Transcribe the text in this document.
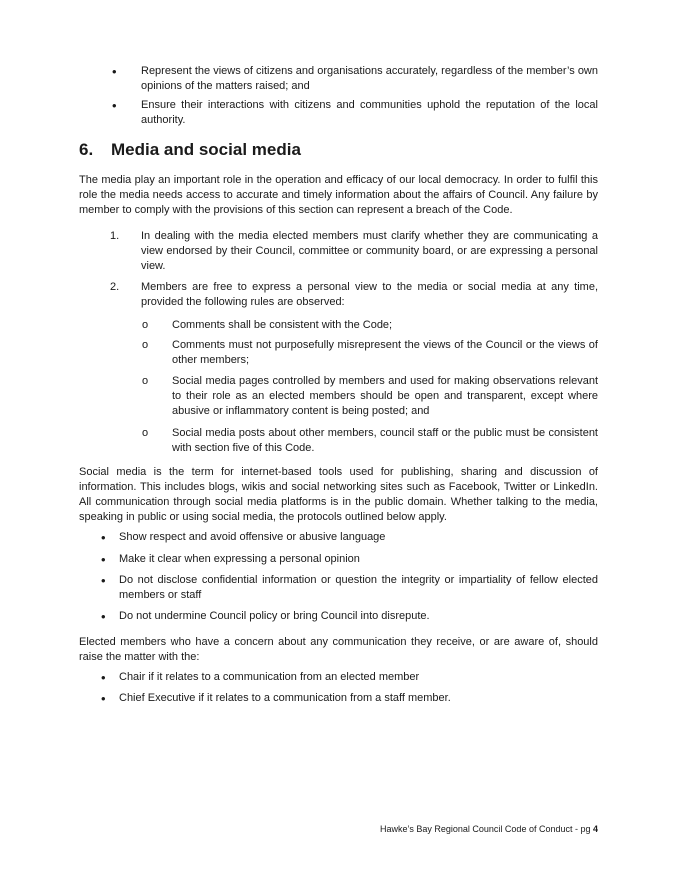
• Represent the views of citizens and organisations accurately, regardless of the member’s own opinions of the matters raised; and

• Ensure their interactions with citizens and communities uphold the reputation of the local authority.

6. Media and social media

The media play an important role in the operation and efficacy of our local democracy. In order to fulfil this role the media needs access to accurate and timely information about the affairs of Council. Any failure by member to comply with the provisions of this section can represent a breach of the Code.

1. In dealing with the media elected members must clarify whether they are communicating a view endorsed by their Council, committee or community board, or are expressing a personal view.

2. Members are free to express a personal view to the media or social media at any time, provided the following rules are observed:

o Comments shall be consistent with the Code;

o Comments must not purposefully misrepresent the views of the Council or the views of other members;

o Social media pages controlled by members and used for making observations relevant to their role as an elected members should be open and transparent, except where abusive or inflammatory content is being posted; and

o Social media posts about other members, council staff or the public must be consistent with section five of this Code.

Social media is the term for internet-based tools used for publishing, sharing and discussion of information. This includes blogs, wikis and social networking sites such as Facebook, Twitter or LinkedIn. All communication through social media platforms is in the public domain. Whether talking to the media, speaking in public or using social media, the protocols outlined below apply.

• Show respect and avoid offensive or abusive language

• Make it clear when expressing a personal opinion

• Do not disclose confidential information or question the integrity or impartiality of fellow elected members or staff

• Do not undermine Council policy or bring Council into disrepute.

Elected members who have a concern about any communication they receive, or are aware of, should raise the matter with the:

• Chair if it relates to a communication from an elected member

• Chief Executive if it relates to a communication from a staff member.

Hawke’s Bay Regional Council Code of Conduct - pg 4
